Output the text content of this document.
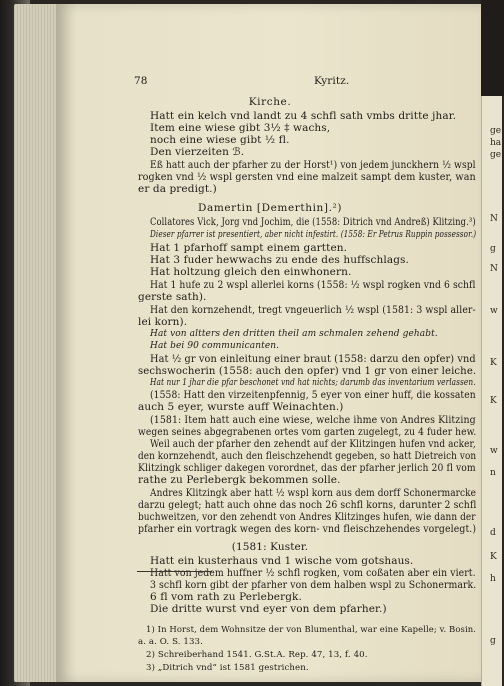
78	Kyritz.
Kirche.
Hatt ein kelch vnd landt zu 4 schfl sath vmbs dritte jhar.
Item eine wiese gibt 3½ ‡ wachs,
noch eine wiese gibt ½ fl.
Den vierzeiten ℬ.
Eß hatt auch der pfarher zu der Horst¹) von jedem junckhern ½ wspl
rogken vnd ½ wspl gersten vnd eine malzeit sampt dem kuster, wan
er da predigt.)
Damertin [Demerthin].²)
Collatores Vick, Jorg vnd Jochim, die (1558: Ditrich vnd Andreß) Klitzing.³)
Dieser pfarrer ist presentiert, aber nicht infestirt. (1558: Er Petrus Ruppin possessor.)
Hat 1 pfarhoff sampt einem gartten.
Hat 3 fuder hewwachs zu ende des huffschlags.
Hat holtzung gleich den einwhonern.
Hat 1 hufe zu 2 wspl allerlei korns (1558: ½ wspl rogken vnd 6 schfl
gerste sath).
Hat den kornzehendt, tregt vngeuerlich ½ wspl (1581: 3 wspl aller-
lei korn).
Hat von altters den dritten theil am schmalen zehend gehabt.
Hat bei 90 communicanten.
Hat ½ gr von einleitung einer braut (1558: darzu den opfer) vnd
sechswocherin (1558: auch den opfer) vnd 1 gr von einer leiche.
Hat nur 1 jhar die pfar beschonet vnd hat nichts; darumb das inventarium verlassen.
(1558: Hatt den virzeitenpfennig, 5 eyer von einer huff, die kossaten
auch 5 eyer, wurste auff Weinachten.)
(1581: Item hatt auch eine wiese, welche ihme von Andres Klitzing
wegen seines abgegrabenen ortes vom garten zugelegt, zu 4 fuder hew.
Weil auch der pfarher den zehendt auf der Klitzingen hufen vnd acker,
den kornzehendt, auch den fleischzehendt gegeben, so hatt Dietreich von
Klitzingk schliger dakegen vorordnet, das der pfarher jerlich 20 fl vom
rathe zu Perlebergk bekommen solle.
Andres Klitzingk aber hatt ½ wspl korn aus dem dorff Schonermarcke
darzu gelegt; hatt auch ohne das noch 26 schfl korns, darunter 2 schfl
buchweitzen, vor den zehendt von Andres Klitzinges hufen, wie dann der
pfarher ein vortragk wegen des korn- vnd fleischzehendes vorgelegt.)
(1581: Kuster.
Hatt ein kusterhaus vnd 1 wische vom gotshaus.
Hatt von jedem huffner ½ schfl rogken, vom coßaten aber ein viert.
3 schfl korn gibt der pfarher von dem halben wspl zu Schonermark.
6 fl vom rath zu Perlebergk.
Die dritte wurst vnd eyer von dem pfarher.)
1) In Horst, dem Wohnsitze der von Blumenthal, war eine Kapelle; v. Bosin.
a. a. O. S. 133.
2) Schreiberhand 1541. G.St.A. Rep. 47, 13, f. 40.
3) „Ditrich vnd“ ist 1581 gestrichen.
ge
ha
ge
N
g
N
w
K
K
w
n
d
K
h
g
